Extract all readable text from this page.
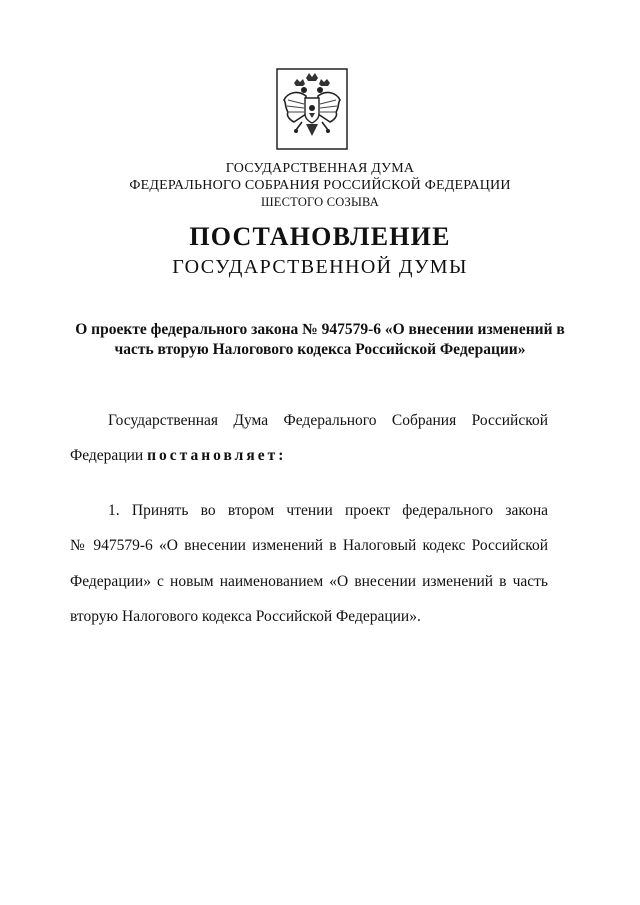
ГОСУДАРСТВЕННАЯ ДУМА
ФЕДЕРАЛЬНОГО СОБРАНИЯ РОССИЙСКОЙ ФЕДЕРАЦИИ
ШЕСТОГО СОЗЫВА
ПОСТАНОВЛЕНИЕ
ГОСУДАРСТВЕННОЙ ДУМЫ
О проекте федерального закона № 947579-6 «О внесении изменений в
часть вторую Налогового кодекса Российской Федерации»
Государственная Дума Федерального Собрания Российской
Федерации постановляет:
1. Принять во втором чтении проект федерального закона
№ 947579-6 «О внесении изменений в Налоговый кодекс Российской
Федерации» с новым наименованием «О внесении изменений в часть
вторую Налогового кодекса Российской Федерации».
